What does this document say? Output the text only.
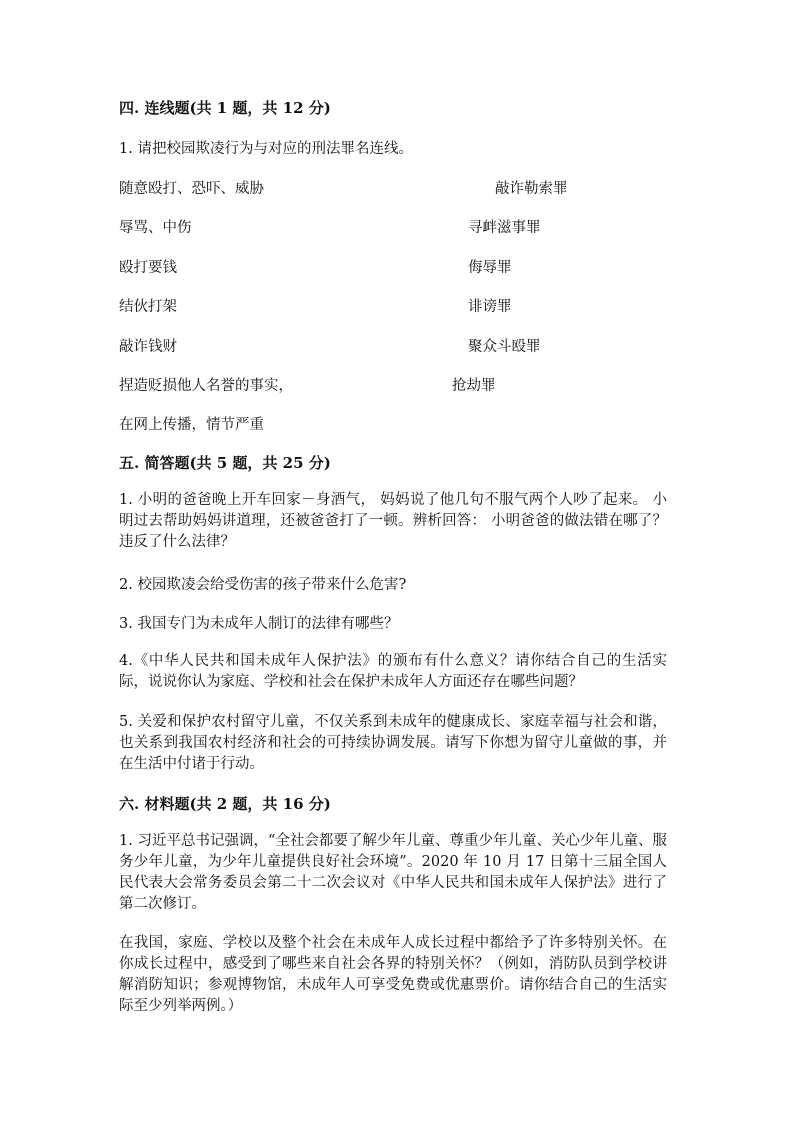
四. 连线题(共 1 题，共 12 分)
1. 请把校园欺凌行为与对应的刑法罪名连线。
随意殴打、恐吓、威胁	敲诈勒索罪
辱骂、中伤	寻衅滋事罪
殴打要钱	侮辱罪
结伙打架	诽谤罪
敲诈钱财	聚众斗殴罪
捏造贬损他人名誉的事实，	抢劫罪
在网上传播，情节严重
五. 简答题(共 5 题，共 25 分)
1. 小明的爸爸晚上开车回家－身酒气， 妈妈说了他几句不服气两个人吵了起来。 小明过去帮助妈妈讲道理，还被爸爸打了一顿。辨析回答： 小明爸爸的做法错在哪了？ 违反了什么法律？
2. 校园欺凌会给受伤害的孩子带来什么危害?
3. 我国专门为未成年人制订的法律有哪些？
4.《中华人民共和国未成年人保护法》的颁布有什么意义？请你结合自己的生活实际，说说你认为家庭、学校和社会在保护未成年人方面还存在哪些问题？
5. 关爱和保护农村留守儿童，不仅关系到未成年的健康成长、家庭幸福与社会和谐，也关系到我国农村经济和社会的可持续协调发展。请写下你想为留守儿童做的事，并在生活中付诸于行动。
六. 材料题(共 2 题，共 16 分)
1. 习近平总书记强调，“全社会都要了解少年儿童、尊重少年儿童、关心少年儿童、服务少年儿童，为少年儿童提供良好社会环境”。2020 年 10 月 17 日第十三届全国人民代表大会常务委员会第二十二次会议对《中华人民共和国未成年人保护法》进行了第二次修订。
在我国，家庭、学校以及整个社会在未成年人成长过程中都给予了许多特别关怀。在你成长过程中，感受到了哪些来自社会各界的特别关怀？（例如，消防队员到学校讲解消防知识；参观博物馆，未成年人可享受免费或优惠票价。请你结合自己的生活实际至少列举两例。）
